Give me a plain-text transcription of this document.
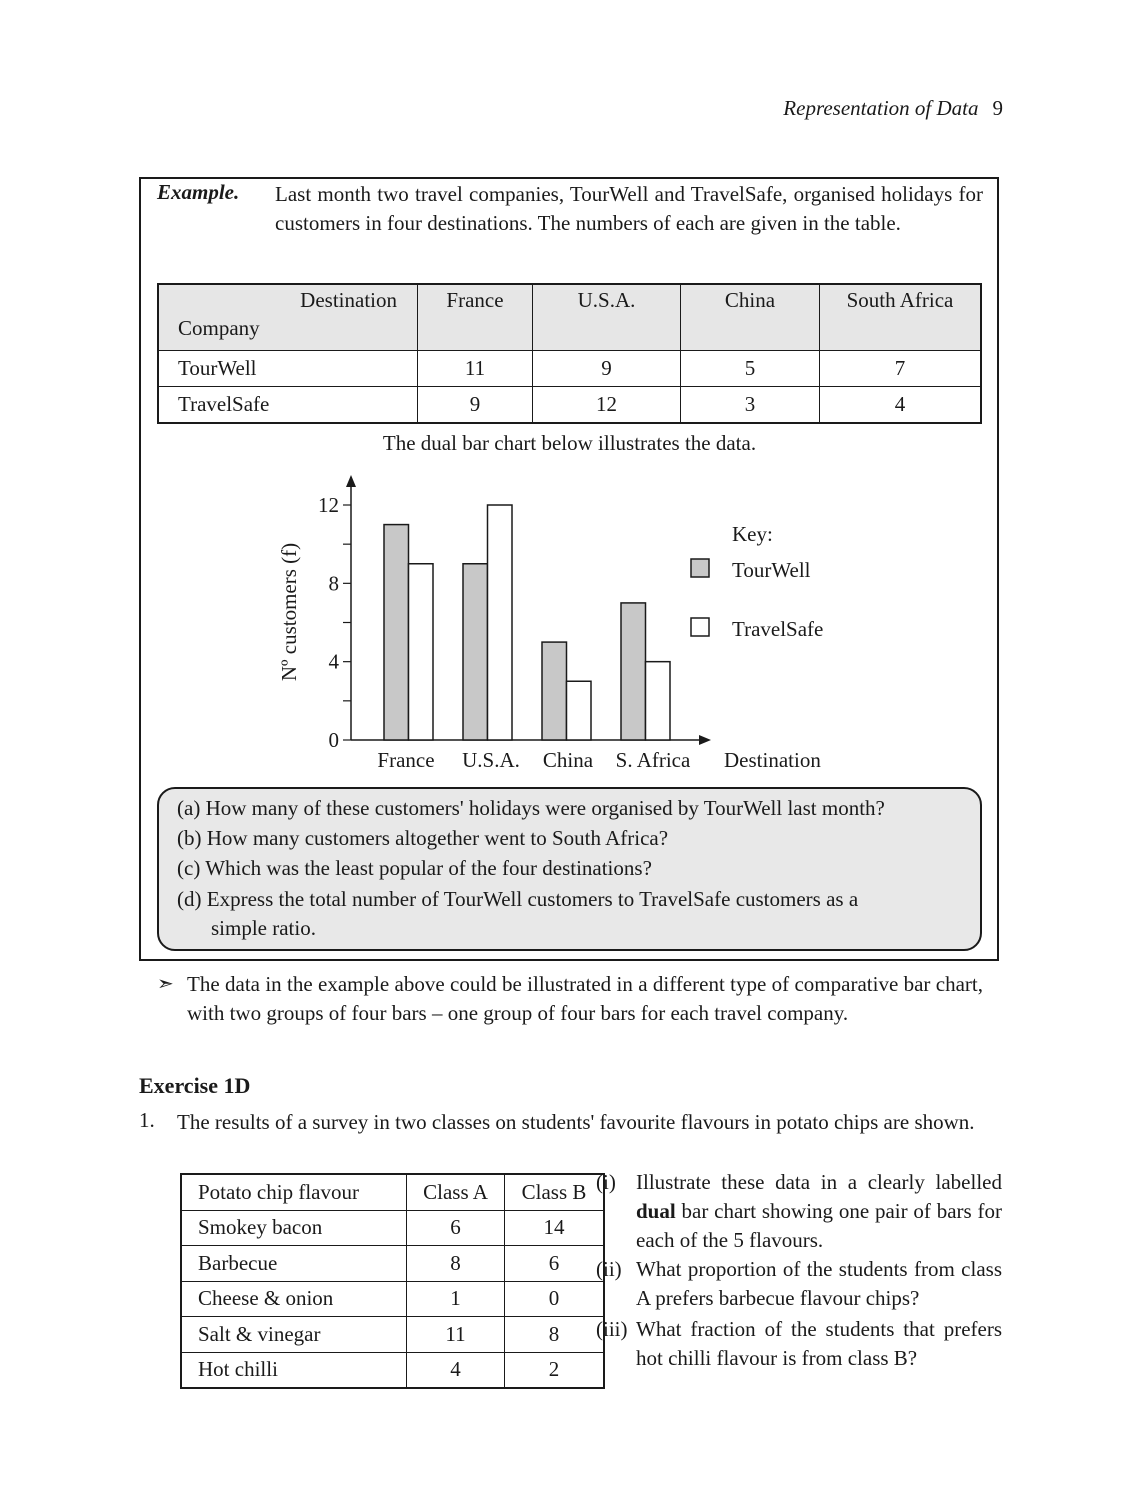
Representation of Data 9
Example. Last month two travel companies, TourWell and TravelSafe, organised holidays for customers in four destinations. The numbers of each are given in the table.
Destination
Company	France	U.S.A.	China	South Africa
TourWell	11	9	5	7
TravelSafe	9	12	3	4
The dual bar chart below illustrates the data.
0
4
8
12
Nº customers (f)
France U.S.A. China S. Africa Destination
Key:
TourWell
TravelSafe
(a) How many of these customers' holidays were organised by TourWell last month?
(b) How many customers altogether went to South Africa?
(c) Which was the least popular of the four destinations?
(d) Express the total number of TourWell customers to TravelSafe customers as a
simple ratio.
➣ The data in the example above could be illustrated in a different type of comparative bar chart, with two groups of four bars – one group of four bars for each travel company.
Exercise 1D
1. The results of a survey in two classes on students' favourite flavours in potato chips are shown.
Potato chip flavour	Class A	Class B
Smokey bacon	6	14
Barbecue	8	6
Cheese & onion	1	0
Salt & vinegar	11	8
Hot chilli	4	2
(i) Illustrate these data in a clearly labelled dual bar chart showing one pair of bars for each of the 5 flavours.
(ii) What proportion of the students from class A prefers barbecue flavour chips?
(iii) What fraction of the students that prefers hot chilli flavour is from class B?
